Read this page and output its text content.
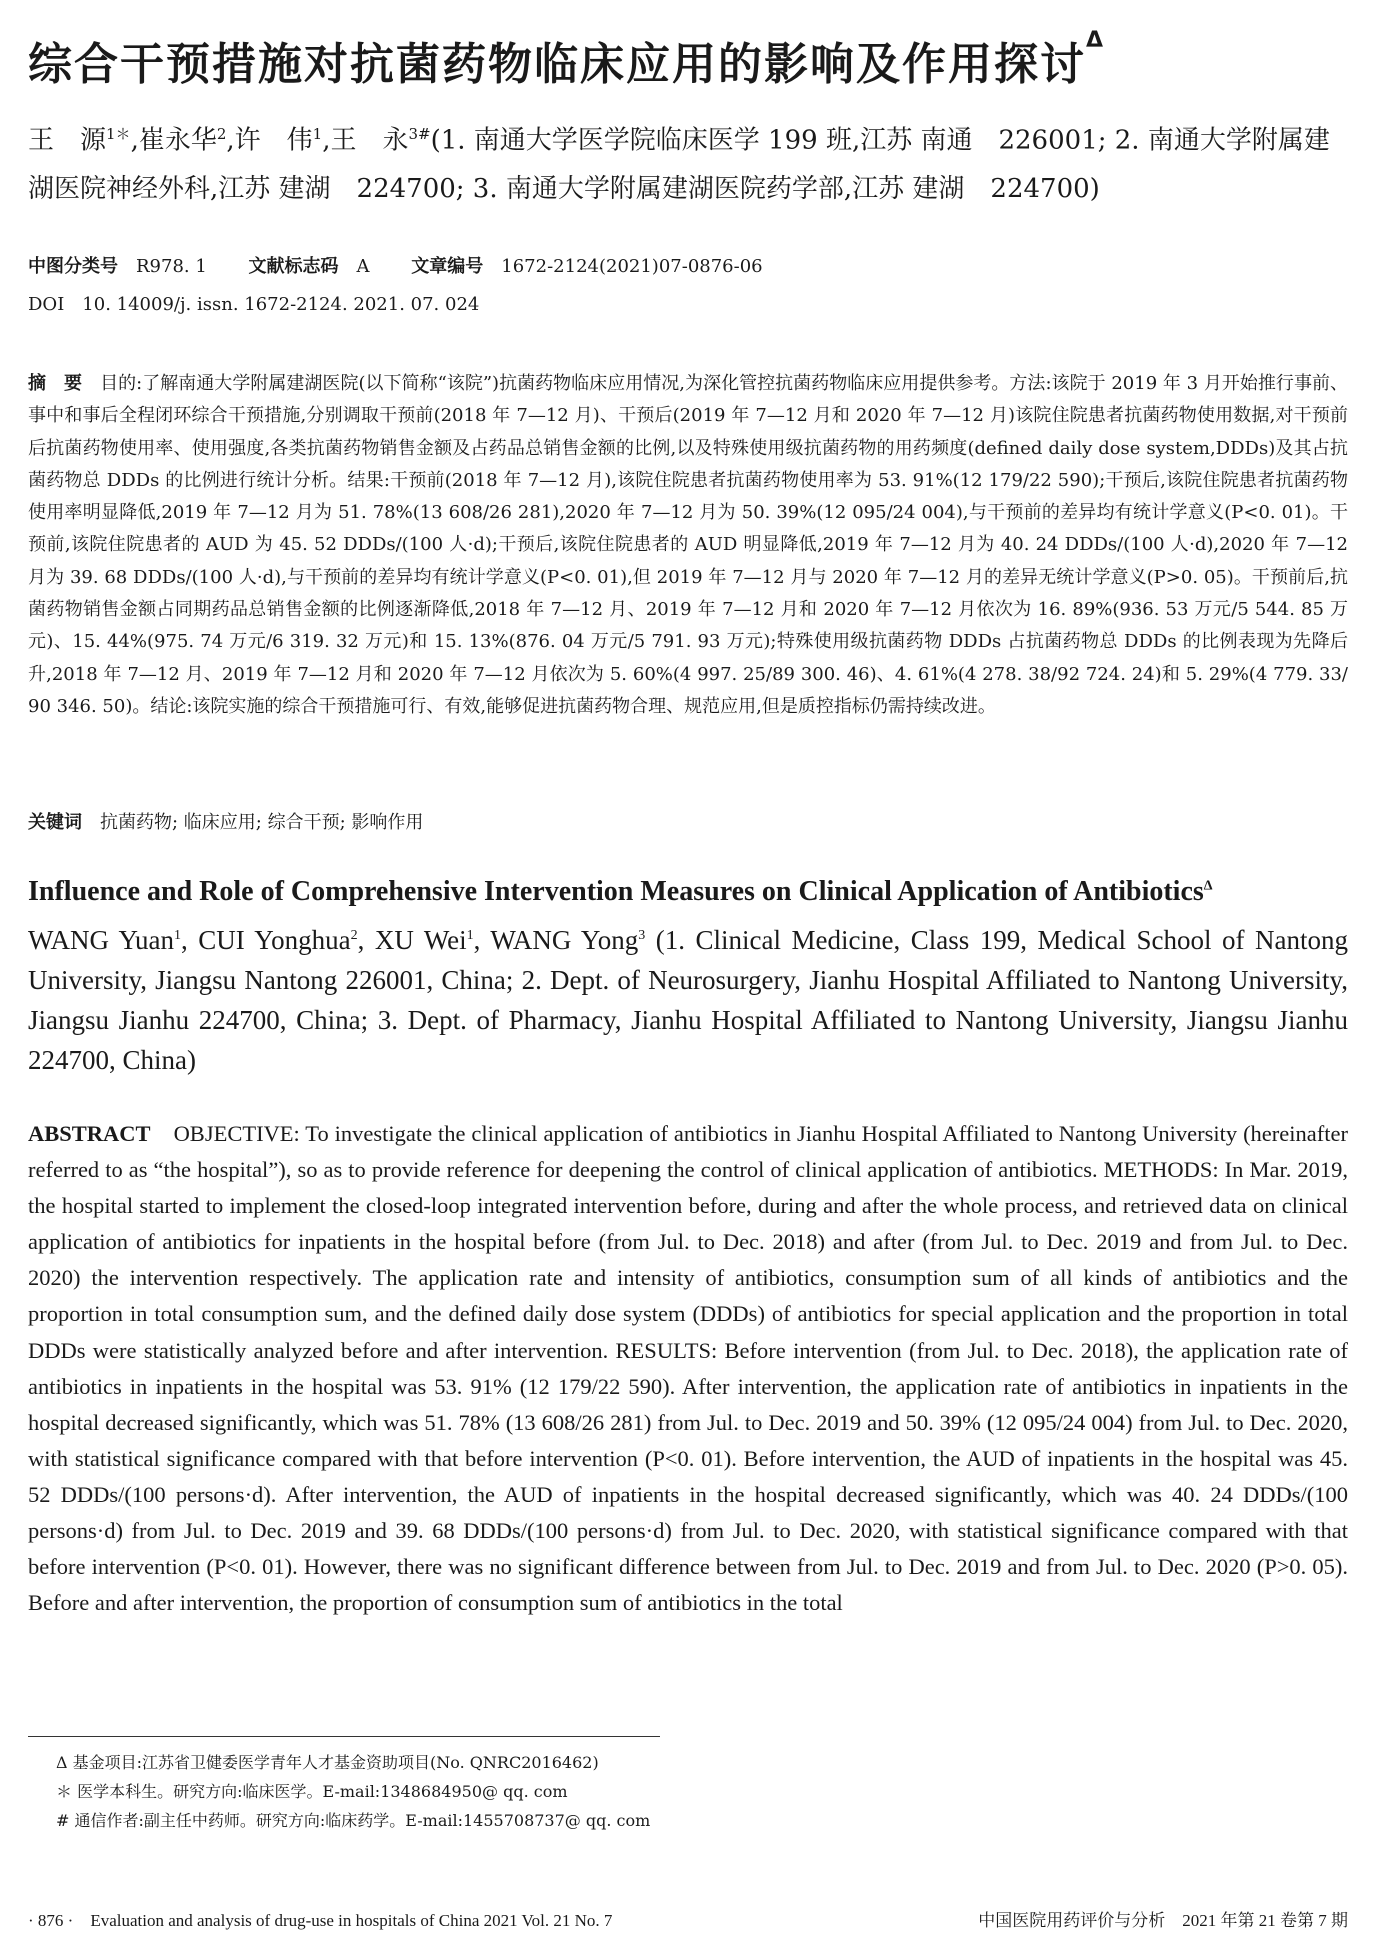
综合干预措施对抗菌药物临床应用的影响及作用探讨$^\Delta$
王　源$^{1*}$,崔永华$^2$,许　伟$^1$,王　永$^{3\#}$(1. 南通大学医学院临床医学 199 班,江苏 南通　226001; 2. 南通大学附属建湖医院神经外科,江苏 建湖　224700; 3. 南通大学附属建湖医院药学部,江苏 建湖　224700)
中图分类号　 R978. 1 文献标志码　 A 文章编号　 1672-2124(2021)07-0876-06
DOI　10. 14009/j. issn. 1672-2124. 2021. 07. 024
摘　要　 目的:了解南通大学附属建湖医院(以下简称“该院”)抗菌药物临床应用情况,为深化管控抗菌药物临床应用提供参考。方法:该院于 2019 年 3 月开始推行事前、事中和事后全程闭环综合干预措施,分别调取干预前(2018 年 7—12 月)、干预后(2019 年 7—12 月和 2020 年 7—12 月)该院住院患者抗菌药物使用数据,对干预前后抗菌药物使用率、使用强度,各类抗菌药物销售金额及占药品总销售金额的比例,以及特殊使用级抗菌药物的用药频度(defined daily dose system,DDDs)及其占抗菌药物总 DDDs 的比例进行统计分析。结果:干预前(2018 年 7—12 月),该院住院患者抗菌药物使用率为 53. 91%(12 179/22 590);干预后,该院住院患者抗菌药物使用率明显降低,2019 年 7—12 月为 51. 78%(13 608/26 281),2020 年 7—12 月为 50. 39%(12 095/24 004),与干预前的差异均有统计学意义(P<0. 01)。干预前,该院住院患者的 AUD 为 45. 52 DDDs/(100 人·d);干预后,该院住院患者的 AUD 明显降低,2019 年 7—12 月为 40. 24 DDDs/(100 人·d),2020 年 7—12 月为 39. 68 DDDs/(100 人·d),与干预前的差异均有统计学意义(P<0. 01),但 2019 年 7—12 月与 2020 年 7—12 月的差异无统计学意义(P>0. 05)。干预前后,抗菌药物销售金额占同期药品总销售金额的比例逐渐降低,2018 年 7—12 月、2019 年 7—12 月和 2020 年 7—12 月依次为 16. 89%(936. 53 万元/5 544. 85 万元)、15. 44%(975. 74 万元/6 319. 32 万元)和 15. 13%(876. 04 万元/5 791. 93 万元);特殊使用级抗菌药物 DDDs 占抗菌药物总 DDDs 的比例表现为先降后升,2018 年 7—12 月、2019 年 7—12 月和 2020 年 7—12 月依次为 5. 60%(4 997. 25/89 300. 46)、4. 61%(4 278. 38/92 724. 24)和 5. 29%(4 779. 33/90 346. 50)。结论:该院实施的综合干预措施可行、有效,能够促进抗菌药物合理、规范应用,但是质控指标仍需持续改进。
关键词　 抗菌药物; 临床应用; 综合干预; 影响作用
Influence and Role of Comprehensive Intervention Measures on Clinical Application of Antibiotics$^\Delta$
WANG Yuan$^1$, CUI Yonghua$^2$, XU Wei$^1$, WANG Yong$^3$ (1. Clinical Medicine, Class 199, Medical School of Nantong University, Jiangsu Nantong 226001, China; 2. Dept. of Neurosurgery, Jianhu Hospital Affiliated to Nantong University, Jiangsu Jianhu 224700, China; 3. Dept. of Pharmacy, Jianhu Hospital Affiliated to Nantong University, Jiangsu Jianhu 224700, China)
ABSTRACT　 OBJECTIVE: To investigate the clinical application of antibiotics in Jianhu Hospital Affiliated to Nantong University (hereinafter referred to as “the hospital”), so as to provide reference for deepening the control of clinical application of antibiotics. METHODS: In Mar. 2019, the hospital started to implement the closed-loop integrated intervention before, during and after the whole process, and retrieved data on clinical application of antibiotics for inpatients in the hospital before (from Jul. to Dec. 2018) and after (from Jul. to Dec. 2019 and from Jul. to Dec. 2020) the intervention respectively. The application rate and intensity of antibiotics, consumption sum of all kinds of antibiotics and the proportion in total consumption sum, and the defined daily dose system (DDDs) of antibiotics for special application and the proportion in total DDDs were statistically analyzed before and after intervention. RESULTS: Before intervention (from Jul. to Dec. 2018), the application rate of antibiotics in inpatients in the hospital was 53. 91% (12 179/22 590). After intervention, the application rate of antibiotics in inpatients in the hospital decreased significantly, which was 51. 78% (13 608/26 281) from Jul. to Dec. 2019 and 50. 39% (12 095/24 004) from Jul. to Dec. 2020, with statistical significance compared with that before intervention (P<0. 01). Before intervention, the AUD of inpatients in the hospital was 45. 52 DDDs/(100 persons·d). After intervention, the AUD of inpatients in the hospital decreased significantly, which was 40. 24 DDDs/(100 persons·d) from Jul. to Dec. 2019 and 39. 68 DDDs/(100 persons·d) from Jul. to Dec. 2020, with statistical significance compared with that before intervention (P<0. 01). However, there was no significant difference between from Jul. to Dec. 2019 and from Jul. to Dec. 2020 (P>0. 05). Before and after intervention, the proportion of consumption sum of antibiotics in the total
Δ 基金项目:江苏省卫健委医学青年人才基金资助项目(No. QNRC2016462)
＊ 医学本科生。研究方向:临床医学。E-mail:1348684950@ qq. com
# 通信作者:副主任中药师。研究方向:临床药学。E-mail:1455708737@ qq. com
· 876 ·　Evaluation and analysis of drug-use in hospitals of China 2021 Vol. 21 No. 7	中国医院用药评价与分析　2021 年第 21 卷第 7 期
